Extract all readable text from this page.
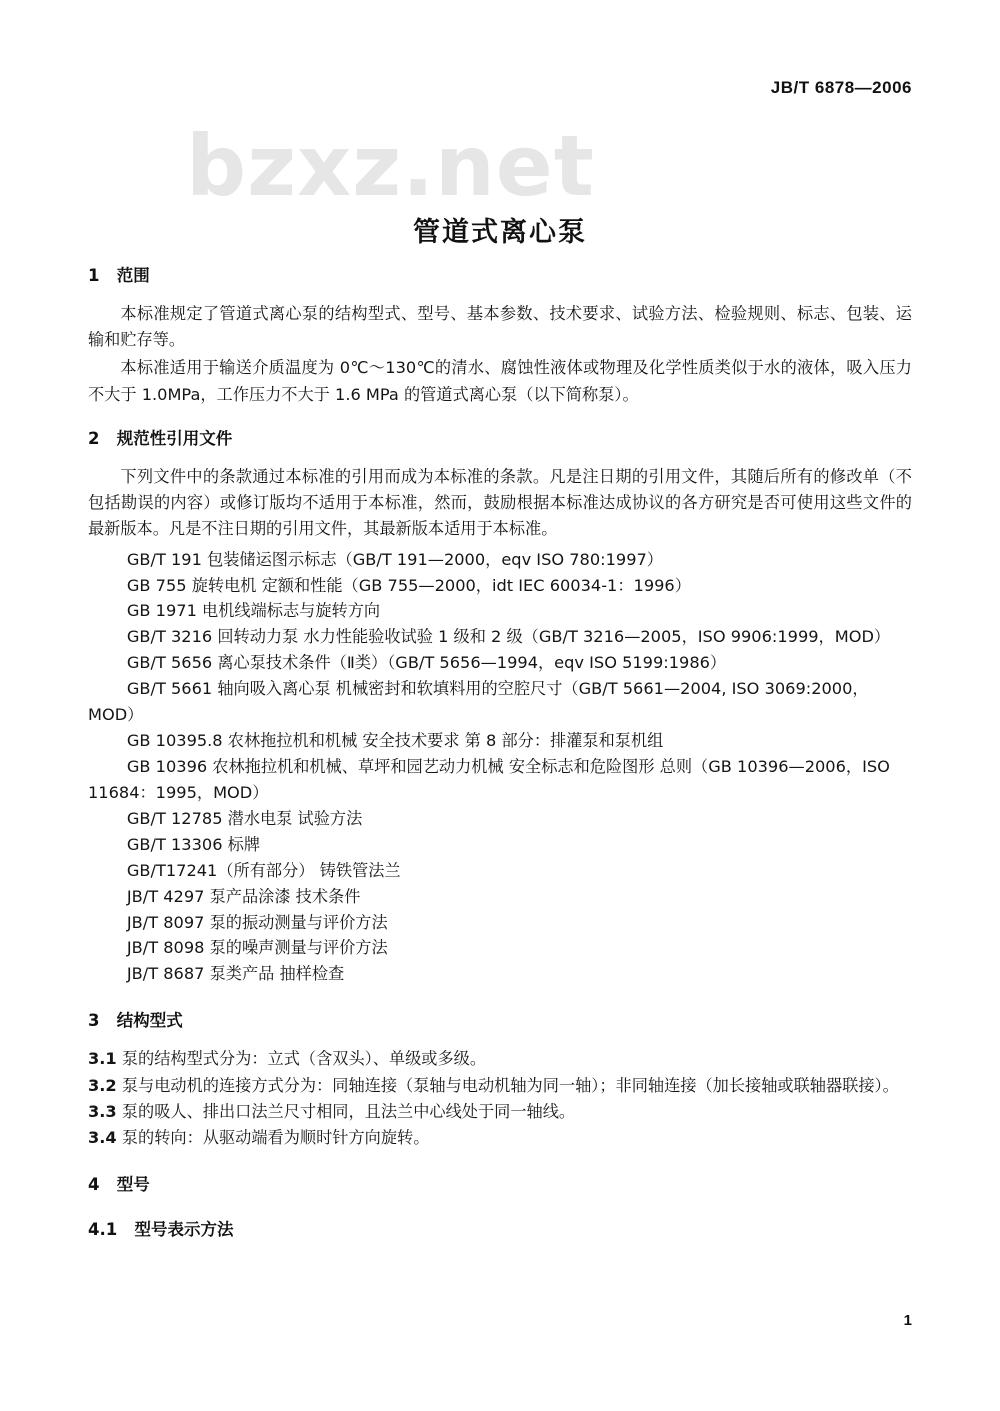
JB/T 6878—2006
bzxz.net
管道式离心泵
1   范围

本标准规定了管道式离心泵的结构型式、型号、基本参数、技术要求、试验方法、检验规则、标志、包装、运输和贮存等。

本标准适用于输送介质温度为 0℃～130℃的清水、腐蚀性液体或物理及化学性质类似于水的液体，吸入压力不大于 1.0MPa，工作压力不大于 1.6 MPa 的管道式离心泵（以下简称泵）。

2   规范性引用文件

下列文件中的条款通过本标准的引用而成为本标准的条款。凡是注日期的引用文件，其随后所有的修改单（不包括勘误的内容）或修订版均不适用于本标准，然而，鼓励根据本标准达成协议的各方研究是否可使用这些文件的最新版本。凡是不注日期的引用文件，其最新版本适用于本标准。

GB/T 191 包装储运图示标志（GB/T 191—2000，eqv ISO 780:1997）
GB 755 旋转电机 定额和性能（GB 755—2000，idt IEC 60034-1：1996）
GB 1971 电机线端标志与旋转方向
GB/T 3216 回转动力泵 水力性能验收试验 1 级和 2 级（GB/T 3216—2005，ISO 9906:1999，MOD）
GB/T 5656 离心泵技术条件（Ⅱ类）（GB/T 5656—1994，eqv ISO 5199:1986）
GB/T 5661 轴向吸入离心泵 机械密封和软填料用的空腔尺寸（GB/T 5661—2004, ISO 3069:2000，MOD）
GB 10395.8 农林拖拉机和机械 安全技术要求 第 8 部分：排灌泵和泵机组
GB 10396 农林拖拉机和机械、草坪和园艺动力机械 安全标志和危险图形 总则（GB 10396—2006，ISO 11684：1995，MOD）
GB/T 12785 潜水电泵 试验方法
GB/T 13306 标牌
GB/T17241（所有部分） 铸铁管法兰
JB/T 4297 泵产品涂漆 技术条件
JB/T 8097 泵的振动测量与评价方法
JB/T 8098 泵的噪声测量与评价方法
JB/T 8687 泵类产品 抽样检查
3   结构型式

3.1 泵的结构型式分为：立式（含双头）、单级或多级。

3.2 泵与电动机的连接方式分为：同轴连接（泵轴与电动机轴为同一轴）；非同轴连接（加长接轴或联轴器联接）。

3.3 泵的吸人、排出口法兰尺寸相同，且法兰中心线处于同一轴线。

3.4 泵的转向：从驱动端看为顺时针方向旋转。

4   型号
4.1   型号表示方法
1
